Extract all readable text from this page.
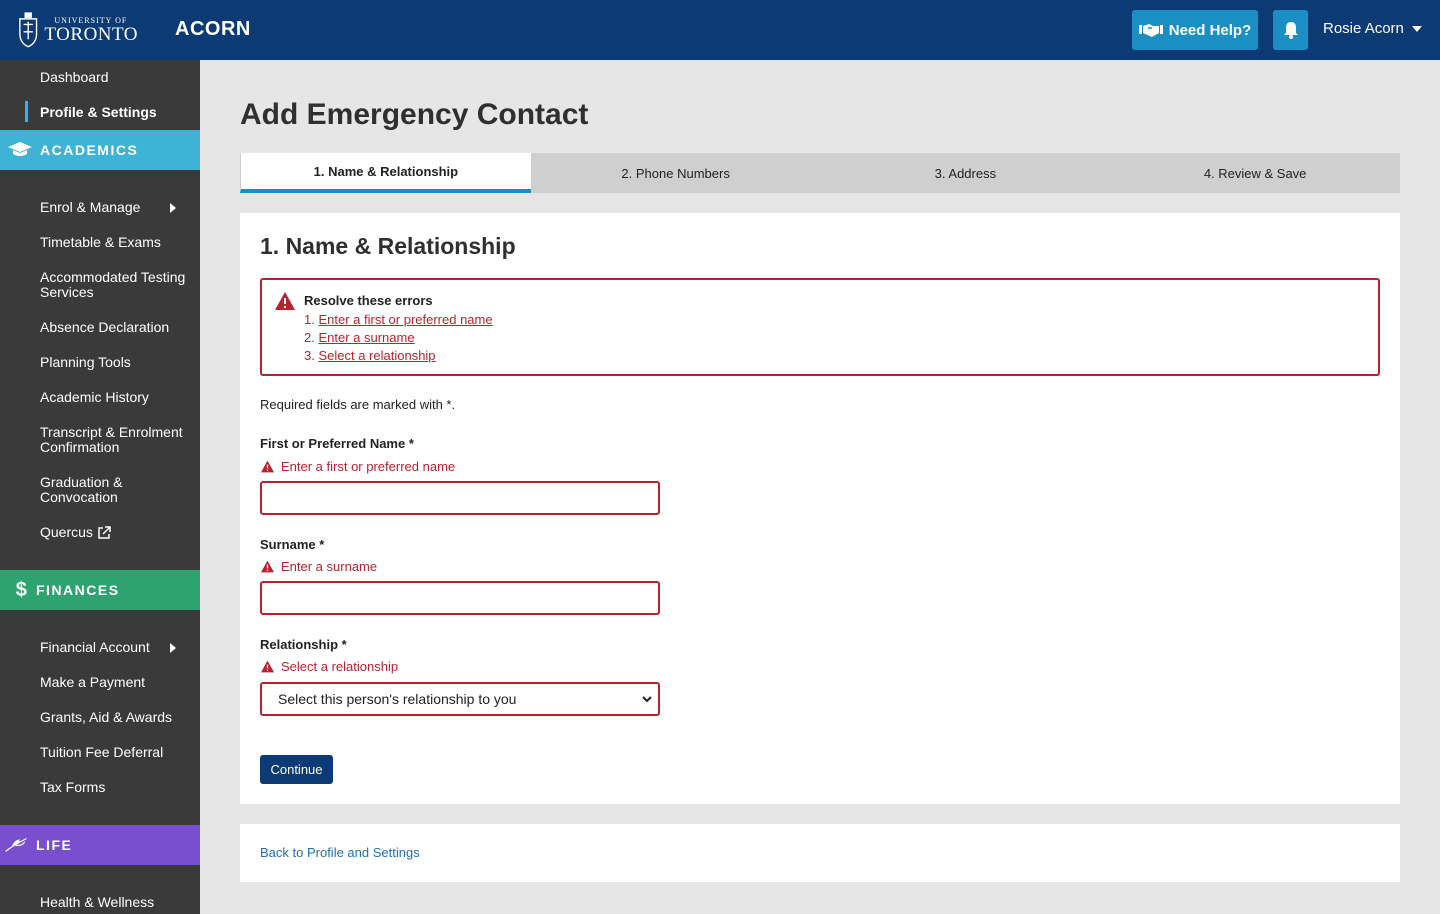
UNIVERSITY OF
TORONTO ACORN	Need Help?	Rosie Acorn
Dashboard
Profile & Settings
ACADEMICS
Enrol & Manage
Timetable & Exams
Accommodated Testing Services
Absence Declaration
Planning Tools
Academic History
Transcript & Enrolment Confirmation
Graduation & Convocation
Quercus
$ FINANCES
Financial Account
Make a Payment
Grants, Aid & Awards
Tuition Fee Deferral
Tax Forms
LIFE
Health & Wellness
Add Emergency Contact
1. Name & Relationship	2. Phone Numbers	3. Address	4. Review & Save
1. Name & Relationship
Resolve these errors
1. Enter a first or preferred name
2. Enter a surname
3. Select a relationship
Required fields are marked with *.
First or Preferred Name *
Enter a first or preferred name
Surname *
Enter a surname
Relationship *
Select a relationship
Select this person's relationship to you
Continue
Back to Profile and Settings
